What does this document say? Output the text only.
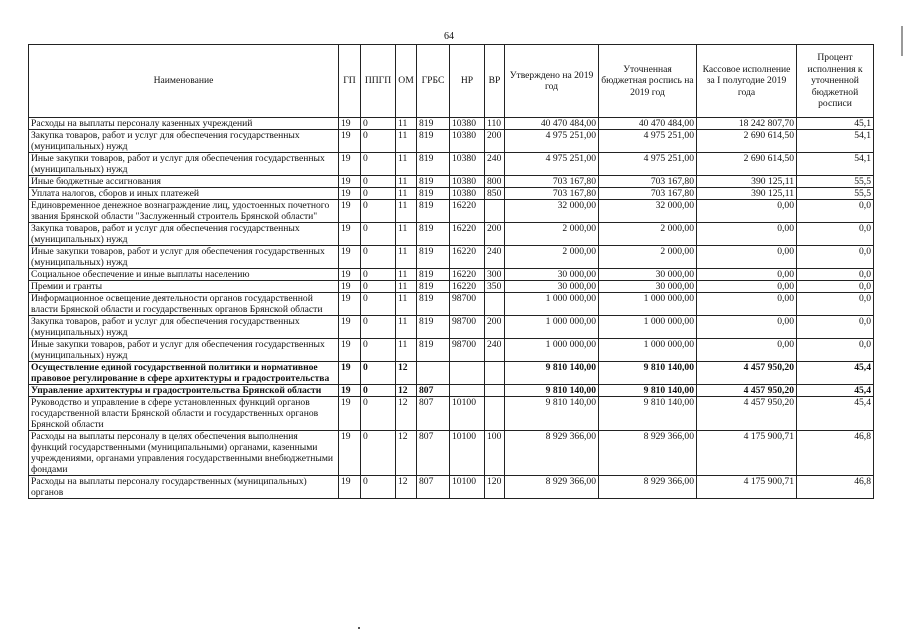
64
Наименование	ГП	ППГП	ОМ	ГРБС	НР	ВР	Утверждено на 2019 год	Уточненная бюджетная роспись на 2019 год	Кассовое исполнение за I полугодие 2019 года	Процент исполнения к уточненной бюджетной росписи
Расходы на выплаты персоналу казенных учреждений	19	0	11	819	10380	110	40 470 484,00	40 470 484,00	18 242 807,70	45,1
Закупка товаров, работ и услуг для обеспечения государственных (муниципальных) нужд	19	0	11	819	10380	200	4 975 251,00	4 975 251,00	2 690 614,50	54,1
Иные закупки товаров, работ и услуг для обеспечения государственных (муниципальных) нужд	19	0	11	819	10380	240	4 975 251,00	4 975 251,00	2 690 614,50	54,1
Иные бюджетные ассигнования	19	0	11	819	10380	800	703 167,80	703 167,80	390 125,11	55,5
Уплата налогов, сборов и иных платежей	19	0	11	819	10380	850	703 167,80	703 167,80	390 125,11	55,5
Единовременное денежное вознаграждение лиц, удостоенных почетного звания Брянской области "Заслуженный строитель Брянской области"	19	0	11	819	16220		32 000,00	32 000,00	0,00	0,0
Закупка товаров, работ и услуг для обеспечения государственных (муниципальных) нужд	19	0	11	819	16220	200	2 000,00	2 000,00	0,00	0,0
Иные закупки товаров, работ и услуг для обеспечения государственных (муниципальных) нужд	19	0	11	819	16220	240	2 000,00	2 000,00	0,00	0,0
Социальное обеспечение и иные выплаты населению	19	0	11	819	16220	300	30 000,00	30 000,00	0,00	0,0
Премии и гранты	19	0	11	819	16220	350	30 000,00	30 000,00	0,00	0,0
Информационное освещение деятельности органов государственной власти Брянской области и государственных органов Брянской области	19	0	11	819	98700		1 000 000,00	1 000 000,00	0,00	0,0
Закупка товаров, работ и услуг для обеспечения государственных (муниципальных) нужд	19	0	11	819	98700	200	1 000 000,00	1 000 000,00	0,00	0,0
Иные закупки товаров, работ и услуг для обеспечения государственных (муниципальных) нужд	19	0	11	819	98700	240	1 000 000,00	1 000 000,00	0,00	0,0
Осуществление единой государственной политики и нормативное правовое регулирование в сфере архитектуры и градостроительства	19	0	12				9 810 140,00	9 810 140,00	4 457 950,20	45,4
Управление архитектуры и градостроительства Брянской области	19	0	12	807			9 810 140,00	9 810 140,00	4 457 950,20	45,4
Руководство и управление в сфере установленных функций органов государственной власти Брянской области и государственных органов Брянской области	19	0	12	807	10100		9 810 140,00	9 810 140,00	4 457 950,20	45,4
Расходы на выплаты персоналу в целях обеспечения выполнения функций государственными (муниципальными) органами, казенными учреждениями, органами управления государственными внебюджетными фондами	19	0	12	807	10100	100	8 929 366,00	8 929 366,00	4 175 900,71	46,8
Расходы на выплаты персоналу государственных (муниципальных) органов	19	0	12	807	10100	120	8 929 366,00	8 929 366,00	4 175 900,71	46,8
